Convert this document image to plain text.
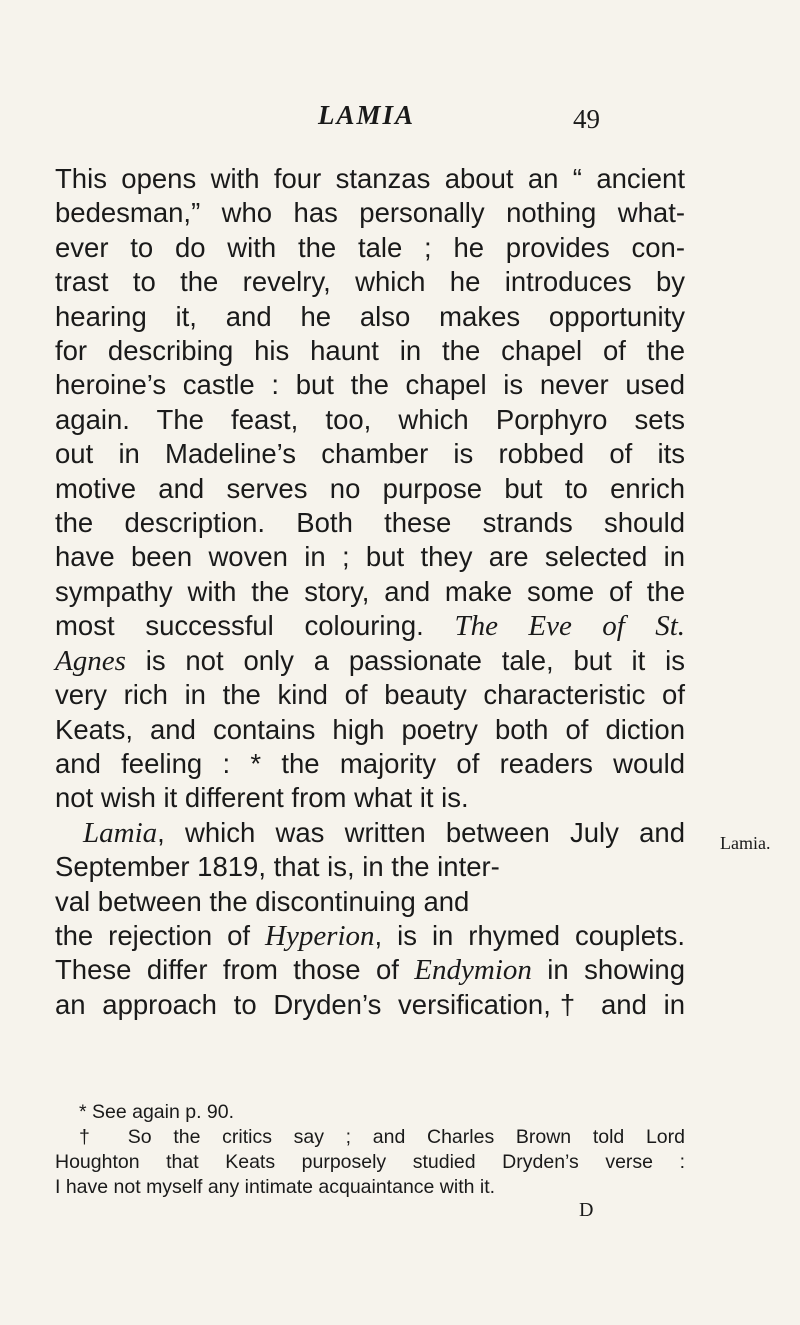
LAMIA	49
This opens with four stanzas about an “ ancient
bedesman,” who has personally nothing what-
ever to do with the tale ; he provides con-
trast to the revelry, which he introduces by
hearing it, and he also makes opportunity
for describing his haunt in the chapel of the
heroine’s castle : but the chapel is never used
again. The feast, too, which Porphyro sets
out in Madeline’s chamber is robbed of its
motive and serves no purpose but to enrich
the description. Both these strands should
have been woven in ; but they are selected in
sympathy with the story, and make some of the
most successful colouring. The Eve of St.
Agnes is not only a passionate tale, but it is
very rich in the kind of beauty characteristic of
Keats, and contains high poetry both of diction
and feeling : * the majority of readers would
not wish it different from what it is.
Lamia, which was written between July and
September 1819, that is, in the inter-
val between the discontinuing and
the rejection of Hyperion, is in rhymed couplets.
These differ from those of Endymion in showing
an approach to Dryden’s versification,† and in
Lamia.
* See again p. 90.
† So the critics say ; and Charles Brown told Lord
Houghton that Keats purposely studied Dryden’s verse :
I have not myself any intimate acquaintance with it.
D
